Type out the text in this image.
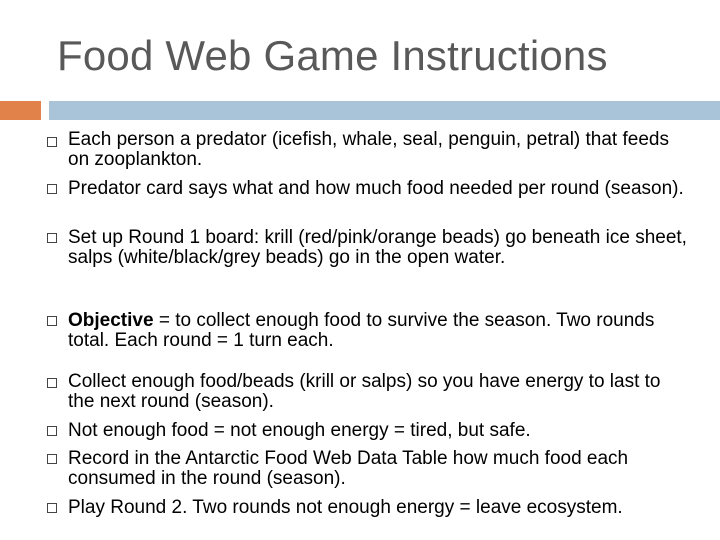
Food Web Game Instructions
Each person a predator (icefish, whale, seal, penguin, petral) that feeds on zooplankton.
Predator card says what and how much food needed per round (season).
Set up Round 1 board: krill (red/pink/orange beads) go beneath ice sheet, salps (white/black/grey beads) go in the open water.
Objective = to collect enough food to survive the season. Two rounds total. Each round = 1 turn each.
Collect enough food/beads (krill or salps) so you have energy to last to the next round (season).
Not enough food = not enough energy = tired, but safe.
Record in the Antarctic Food Web Data Table how much food each consumed in the round (season).
Play Round 2. Two rounds not enough energy = leave ecosystem.
